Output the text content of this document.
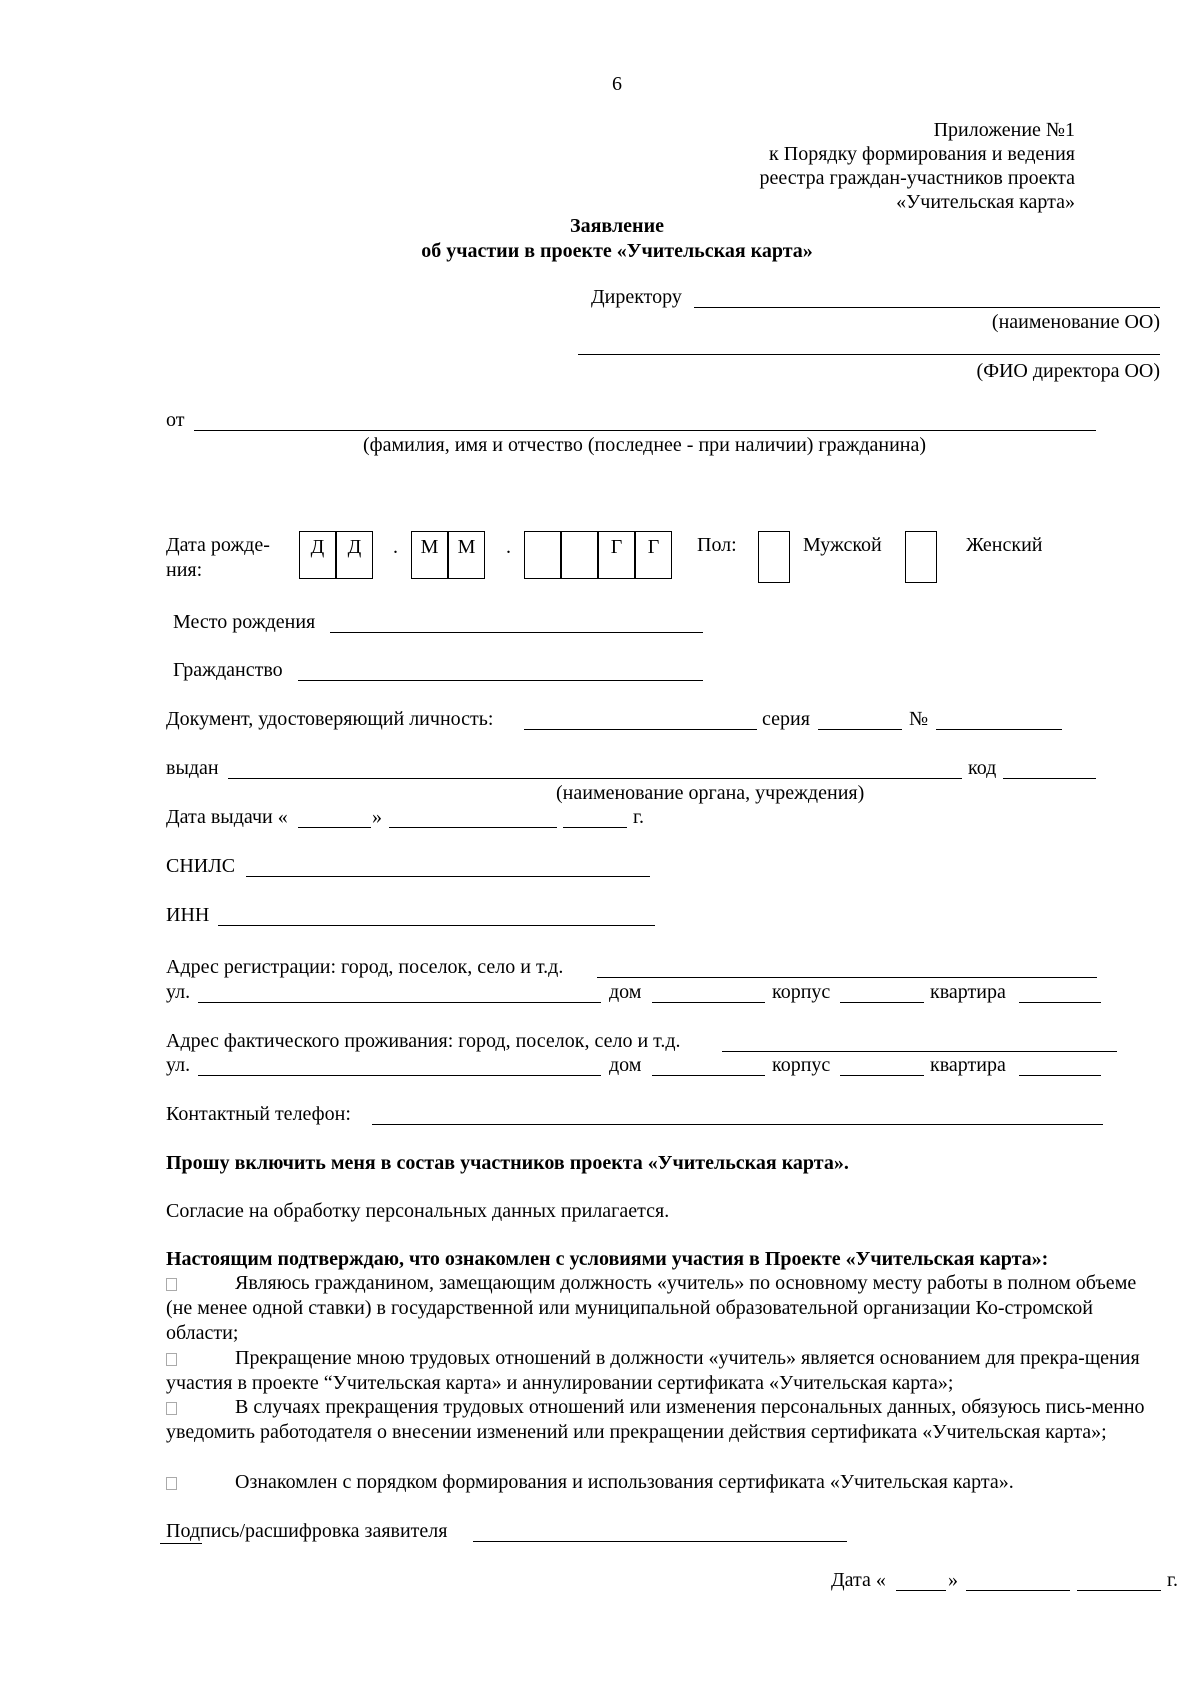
6
Приложение №1
к Порядку формирования и ведения
реестра граждан-участников проекта
«Учительская карта»
Заявление
об участии в проекте «Учительская карта»
Директору
(наименование ОО)
(ФИО директора ОО)
от
(фамилия, имя и отчество (последнее - при наличии) гражданина)
Дата рожде-
ния:
Д	Д	.	М М	.	Г	Г	Пол:	Мужской	Женский
Место рождения
Гражданство
Документ, удостоверяющий личность:	серия	№
выдан	код
(наименование органа, учреждения)
Дата выдачи «	»	г.
СНИЛС
ИНН
Адрес регистрации: город, поселок, село и т.д.
ул.	дом	корпус	квартира
Адрес фактического проживания: город, поселок, село и т.д.
ул.	дом	корпус	квартира
Контактный телефон:
Прошу включить меня в состав участников проекта «Учительская карта».
Согласие на обработку персональных данных прилагается.
Настоящим подтверждаю, что ознакомлен с условиями участия в Проекте «Учительская карта»:
Являюсь гражданином, замещающим должность «учитель» по основному месту работы в полном объеме (не менее одной ставки) в государственной или муниципальной образовательной организации Ко-стромской области;
Прекращение мною трудовых отношений в должности «учитель» является основанием для прекра-щения участия в проекте “Учительская карта» и аннулировании сертификата «Учительская карта»;
В случаях прекращения трудовых отношений или изменения персональных данных, обязуюсь пись-менно уведомить работодателя о внесении изменений или прекращении действия сертификата «Учительская карта»;
Ознакомлен с порядком формирования и использования сертификата «Учительская карта».
Подпись/расшифровка заявителя
Дата «	»	г.
